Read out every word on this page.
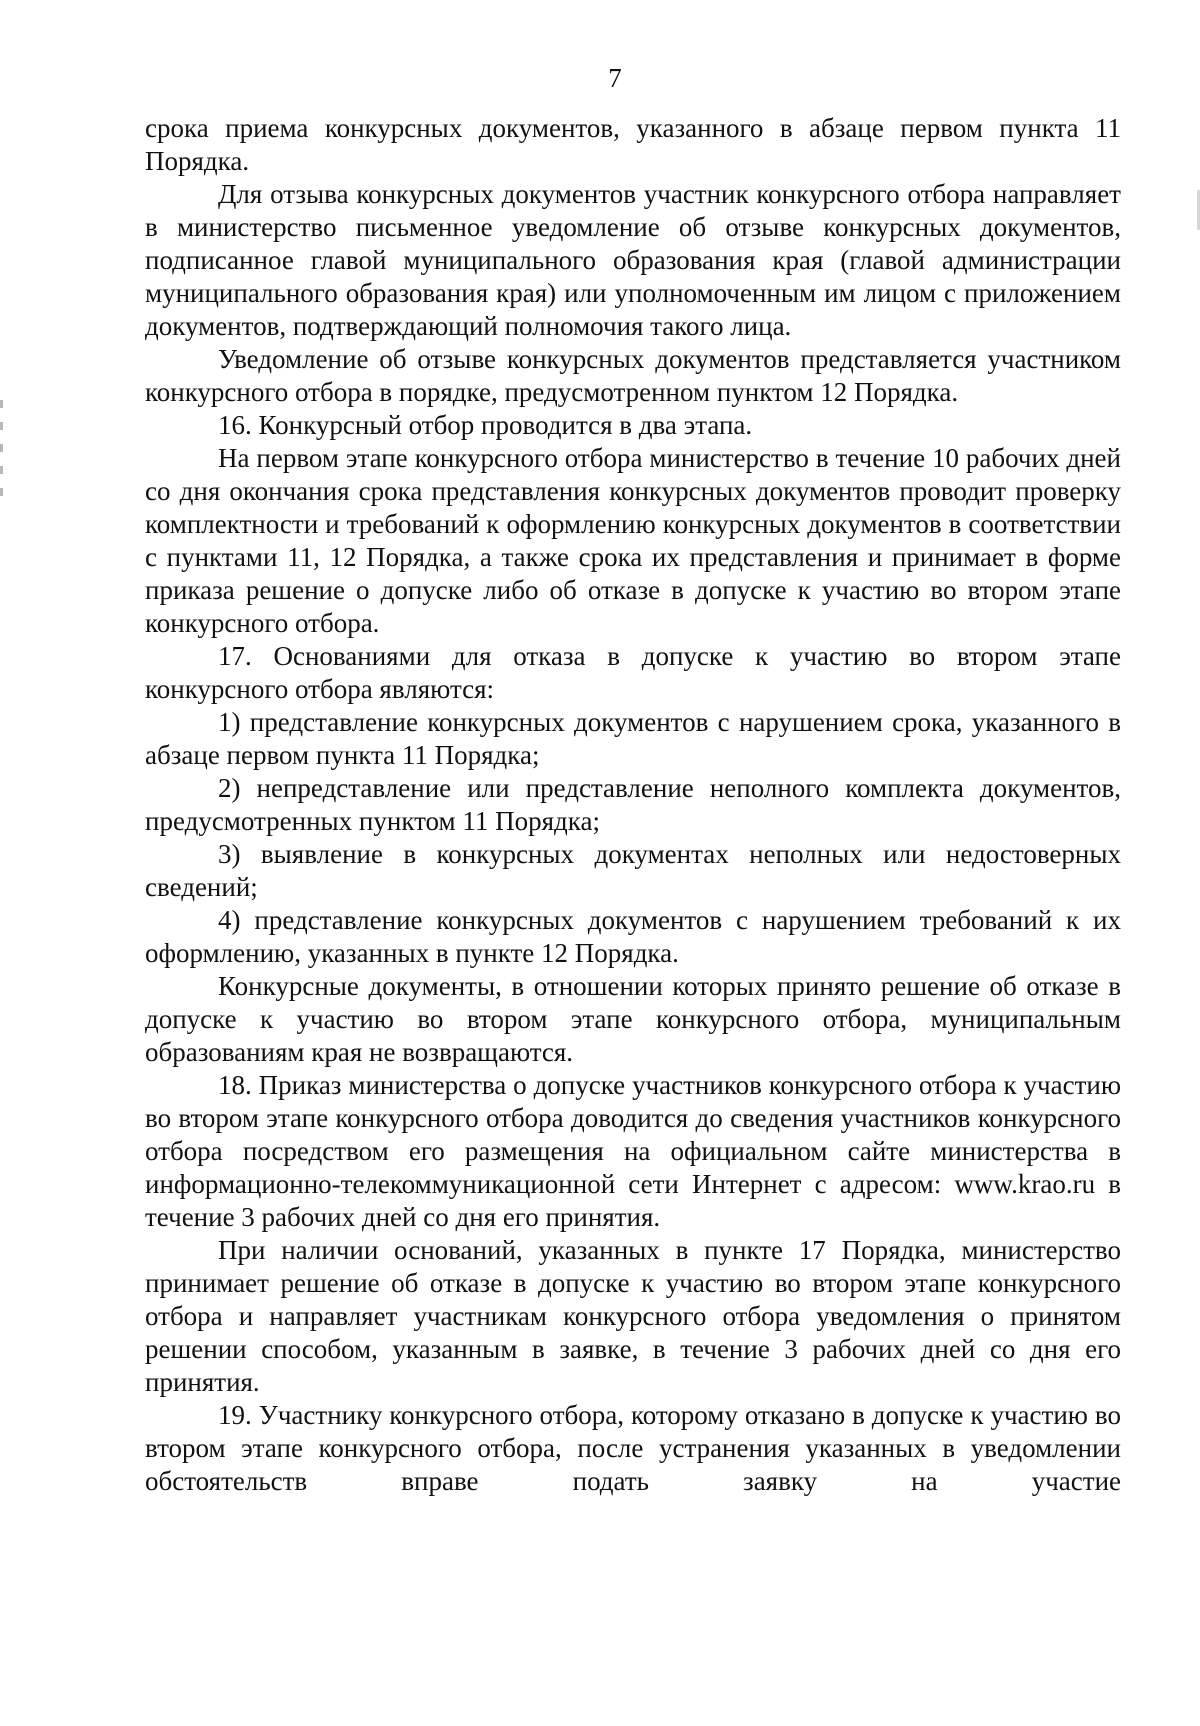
7

срока приема конкурсных документов, указанного в абзаце первом пункта 11 Порядка.

Для отзыва конкурсных документов участник конкурсного отбора направляет в министерство письменное уведомление об отзыве конкурсных документов, подписанное главой муниципального образования края (главой администрации муниципального образования края) или уполномоченным им лицом с приложением документов, подтверждающий полномочия такого лица.

Уведомление об отзыве конкурсных документов представляется участником конкурсного отбора в порядке, предусмотренном пунктом 12 Порядка.

16. Конкурсный отбор проводится в два этапа.

На первом этапе конкурсного отбора министерство в течение 10 рабочих дней со дня окончания срока представления конкурсных документов проводит проверку комплектности и требований к оформлению конкурсных документов в соответствии с пунктами 11, 12 Порядка, а также срока их представления и принимает в форме приказа решение о допуске либо об отказе в допуске к участию во втором этапе конкурсного отбора.

17. Основаниями для отказа в допуске к участию во втором этапе конкурсного отбора являются:

1) представление конкурсных документов с нарушением срока, указанного в абзаце первом пункта 11 Порядка;

2) непредставление или представление неполного комплекта документов, предусмотренных пунктом 11 Порядка;

3) выявление в конкурсных документах неполных или недостоверных сведений;

4) представление конкурсных документов с нарушением требований к их оформлению, указанных в пункте 12 Порядка.

Конкурсные документы, в отношении которых принято решение об отказе в допуске к участию во втором этапе конкурсного отбора, муниципальным образованиям края не возвращаются.

18. Приказ министерства о допуске участников конкурсного отбора к участию во втором этапе конкурсного отбора доводится до сведения участников конкурсного отбора посредством его размещения на официальном сайте министерства в информационно-телекоммуникационной сети Интернет с адресом: www.krao.ru в течение 3 рабочих дней со дня его принятия.

При наличии оснований, указанных в пункте 17 Порядка, министерство принимает решение об отказе в допуске к участию во втором этапе конкурсного отбора и направляет участникам конкурсного отбора уведомления о принятом решении способом, указанным в заявке, в течение 3 рабочих дней со дня его принятия.

19. Участнику конкурсного отбора, которому отказано в допуске к участию во втором этапе конкурсного отбора, после устранения указанных в уведомлении обстоятельств вправе подать заявку на участие
